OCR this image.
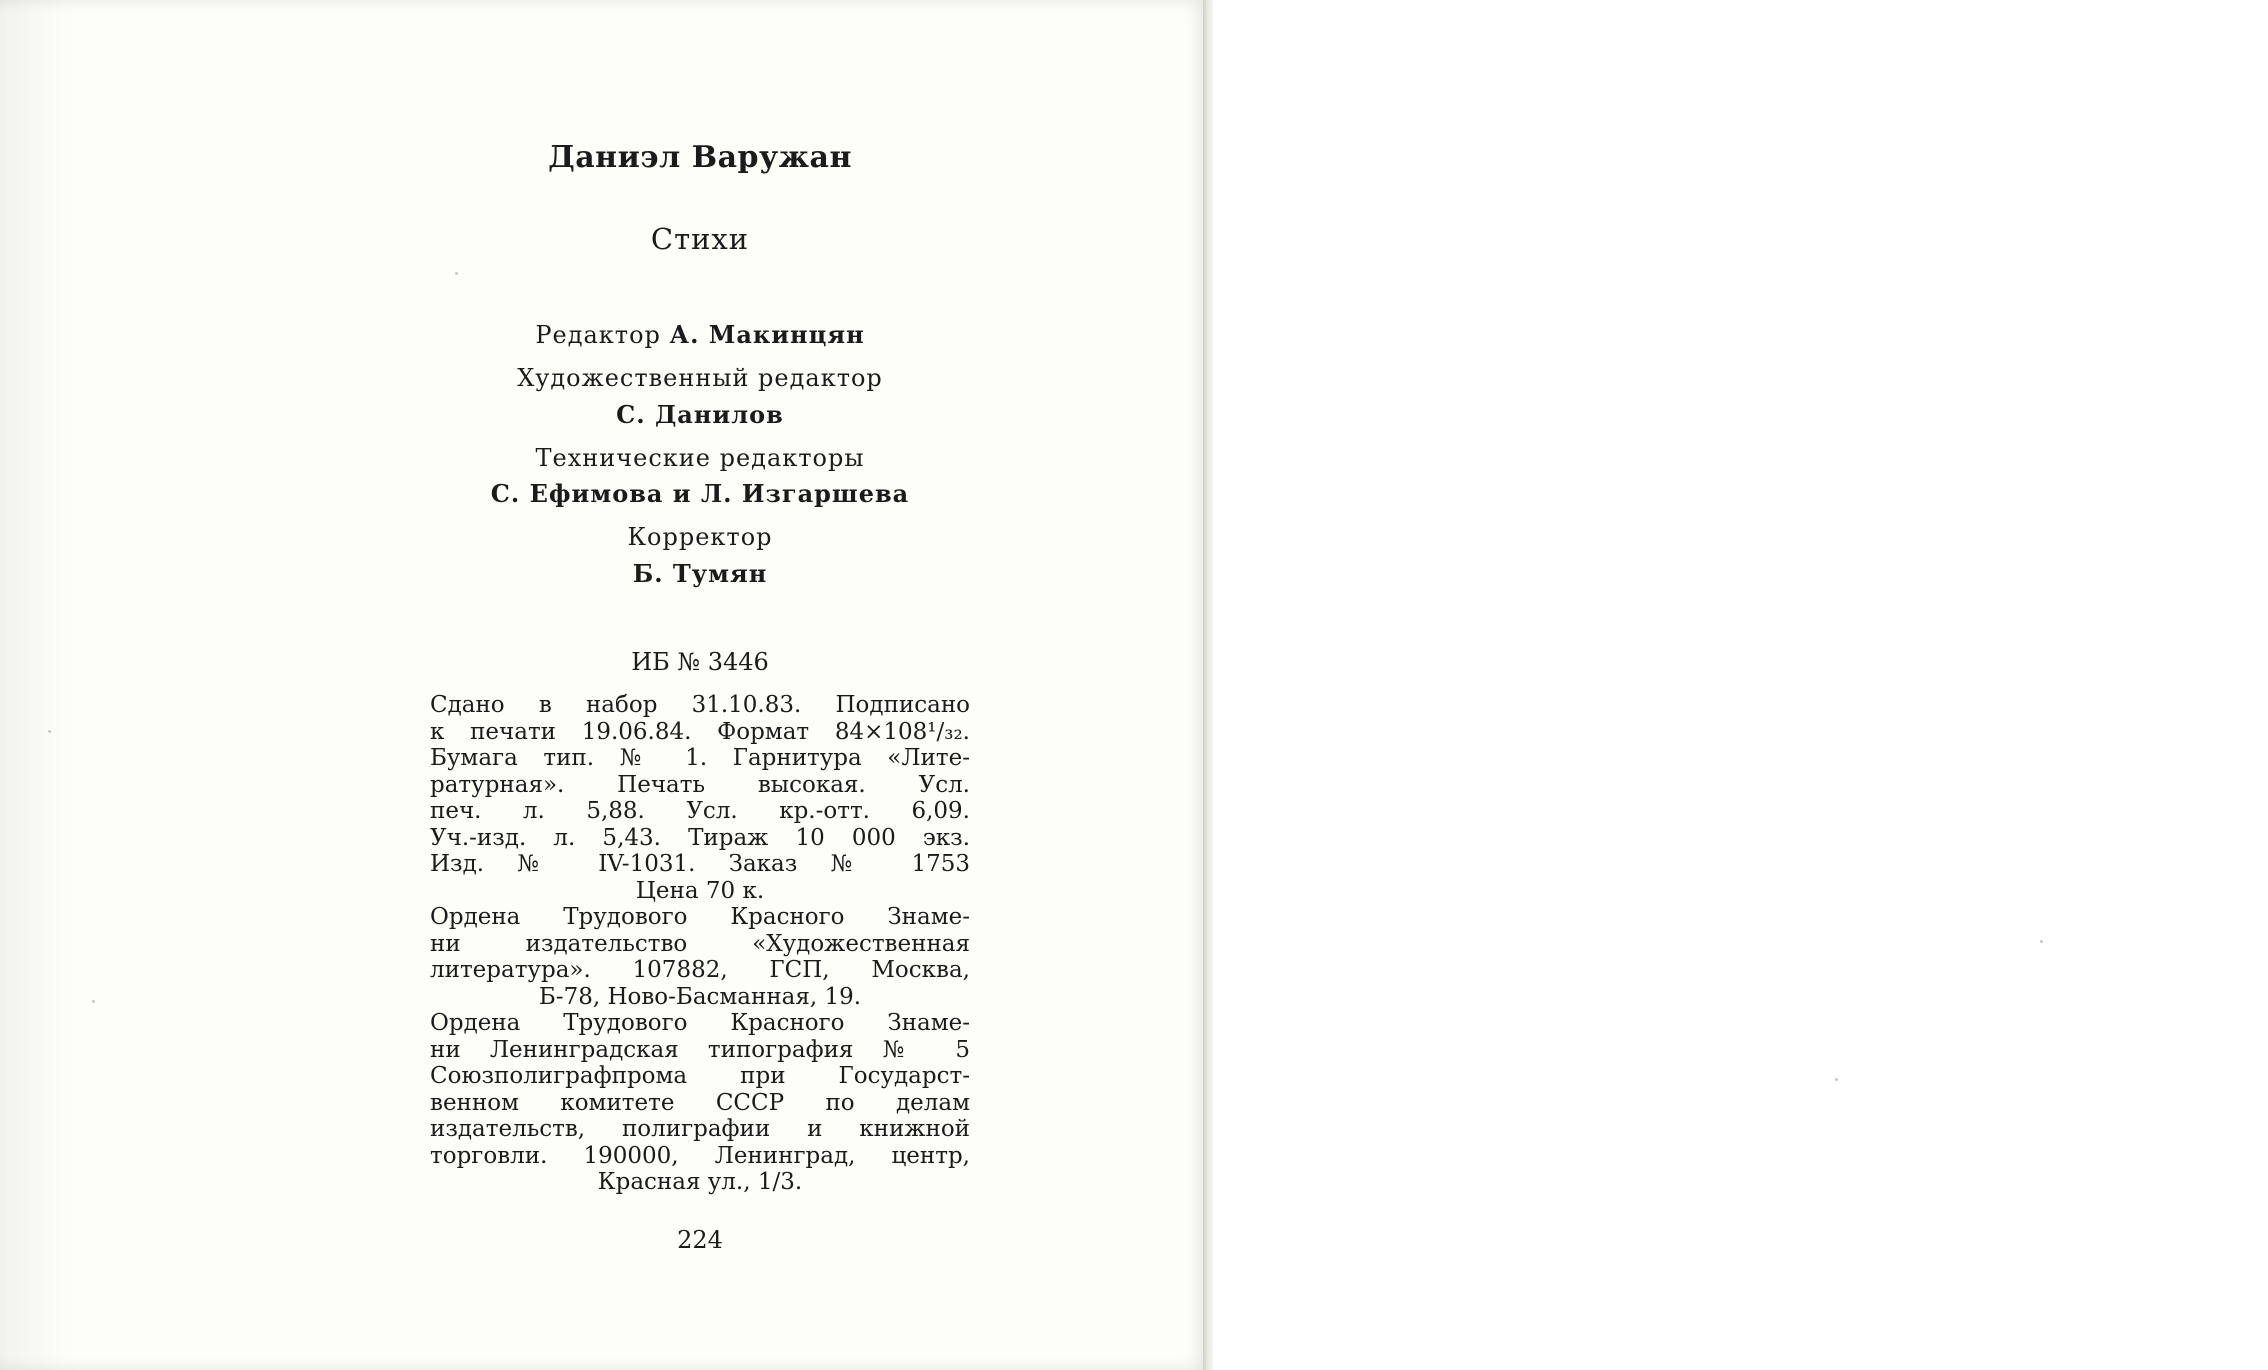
Даниэл Варужан
Стихи
Редактор А. Макинцян
Художественный редактор
С. Данилов
Технические редакторы
С. Ефимова и Л. Изгаршева
Корректор
Б. Тумян
ИБ № 3446
Сдано в набор 31.10.83. Подписано
к печати 19.06.84. Формат 84×108¹/₃₂.
Бумага тип. № 1. Гарнитура «Лите-
ратурная». Печать высокая. Усл.
печ. л. 5,88. Усл. кр.-отт. 6,09.
Уч.-изд. л. 5,43. Тираж 10 000 экз.
Изд. № IV-1031. Заказ № 1753
Цена 70 к.
Ордена Трудового Красного Знаме-
ни издательство «Художественная
литература». 107882, ГСП, Москва,
Б-78, Ново-Басманная, 19.
Ордена Трудового Красного Знаме-
ни Ленинградская типография № 5
Союзполиграфпрома при Государст-
венном комитете СССР по делам
издательств, полиграфии и книжной
торговли. 190000, Ленинград, центр,
Красная ул., 1/3.
224
